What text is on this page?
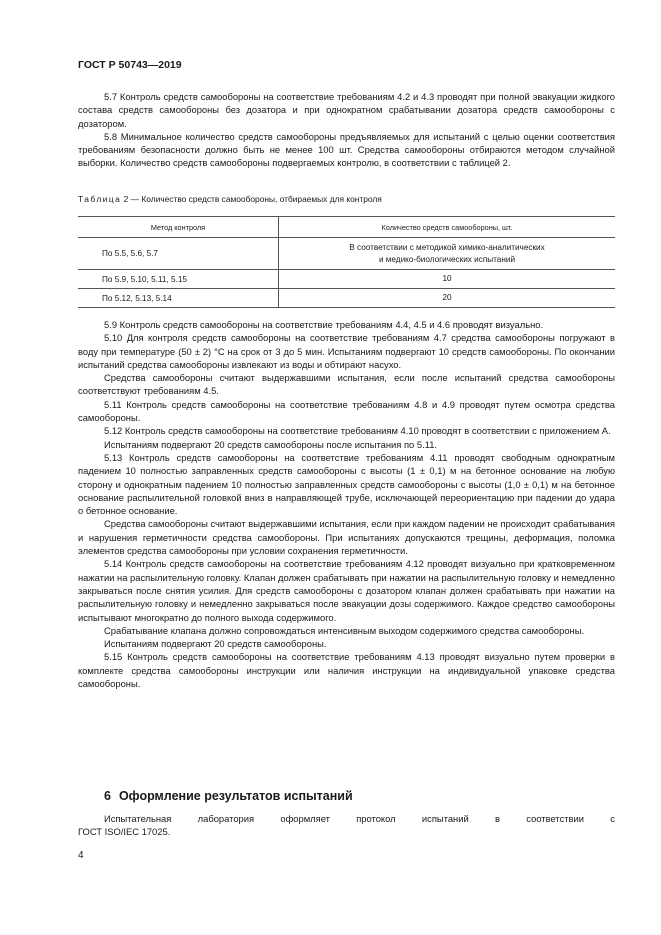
ГОСТ Р 50743—2019

5.7 Контроль средств самообороны на соответствие требованиям 4.2 и 4.3 проводят при полной эвакуации жидкого состава средств самообороны без дозатора и при однократном срабатывании дозатора средств самообороны с дозатором.

5.8 Минимальное количество средств самообороны предъявляемых для испытаний с целью оценки соответствия требованиям безопасности должно быть не менее 100 шт. Средства самообороны отбираются методом случайной выборки. Количество средств самообороны подвергаемых контролю, в соответствии с таблицей 2.

Таблица 2 — Количество средств самообороны, отбираемых для контроля
Метод контроля	Количество средств самообороны, шт.
По 5.5, 5.6, 5.7	В соответствии с методикой химико-аналитических
и медико-биологических испытаний

По 5.9, 5.10, 5.11, 5.15	10
По 5.12, 5.13, 5.14	20

5.9 Контроль средств самообороны на соответствие требованиям 4.4, 4.5 и 4.6 проводят визуально.

5.10 Для контроля средств самообороны на соответствие требованиям 4.7 средства самообороны погружают в воду при температуре (50 ± 2) °С на срок от 3 до 5 мин. Испытаниям подвергают 10 средств самообороны. По окончании испытаний средства самообороны извлекают из воды и обтирают насухо.

Средства самообороны считают выдержавшими испытания, если после испытаний средства самообороны соответствуют требованиям 4.5.

5.11 Контроль средств самообороны на соответствие требованиям 4.8 и 4.9 проводят путем осмотра средства самообороны.

5.12 Контроль средств самообороны на соответствие требованиям 4.10 проводят в соответствии с приложением А.

Испытаниям подвергают 20 средств самообороны после испытания по 5.11.

5.13 Контроль средств самообороны на соответствие требованиям 4.11 проводят свободным однократным падением 10 полностью заправленных средств самообороны с высоты (1 ± 0,1) м на бетонное основание на любую сторону и однократным падением 10 полностью заправленных средств самообороны с высоты (1,0 ± 0,1) м на бетонное основание распылительной головкой вниз в направляющей трубе, исключающей переориентацию при падении до удара о бетонное основание.

Средства самообороны считают выдержавшими испытания, если при каждом падении не происходит срабатывания и нарушения герметичности средства самообороны. При испытаниях допускаются трещины, деформация, поломка элементов средства самообороны при условии сохранения герметичности.

5.14 Контроль средств самообороны на соответствие требованиям 4.12 проводят визуально при кратковременном нажатии на распылительную головку. Клапан должен срабатывать при нажатии на распылительную головку и немедленно закрываться после снятия усилия. Для средств самообороны с дозатором клапан должен срабатывать при нажатии на распылительную головку и немедленно закрываться после эвакуации дозы содержимого. Каждое средство самообороны испытывают многократно до полного выхода содержимого.

Срабатывание клапана должно сопровождаться интенсивным выходом содержимого средства самообороны.

Испытаниям подвергают 20 средств самообороны.

5.15 Контроль средств самообороны на соответствие требованиям 4.13 проводят визуально путем проверки в комплекте средства самообороны инструкции или наличия инструкции на индивидуальной упаковке средства самообороны.

6 Оформление результатов испытаний

Испытательная лаборатория оформляет протокол испытаний в соответствии с

ГОСТ ISO/IEC 17025.

4
